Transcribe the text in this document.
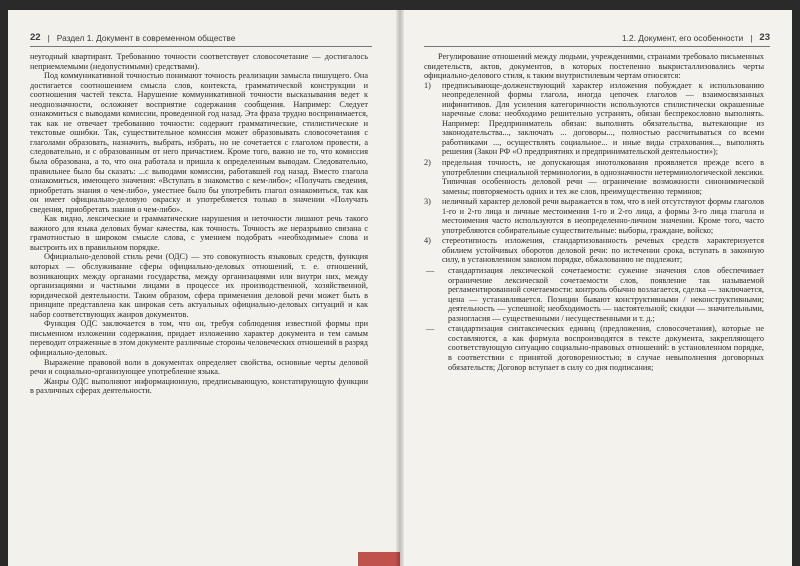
22 | Раздел 1. Документ в современном обществе

неугодный квартирант. Требованию точности соответствует словосочетание — достигалось неприемлемыми (недопустимыми) средствами).

Под коммуникативной точностью понимают точность реализации замысла пишущего. Она достигается соотношением смысла слов, контекста, грамматической конструкции и соотношения частей текста. Нарушение коммуникативной точности высказывания ведет к неоднозначности, осложняет восприятие содержания сообщения. Например: Следует ознакомиться с выводами комиссии, проведенной год назад. Эта фраза трудно воспринимается, так как не отвечает требованию точности: содержит грамматические, стилистические и текстовые ошибки. Так, существительное комиссия может образовывать словосочетания с глаголами образовать, назначить, выбрать, избрать, но не сочетается с глаголом провести, а следовательно, и с образованным от него причастием. Кроме того, важно не то, что комиссия была образована, а то, что она работала и пришла к определенным выводам. Следовательно, правильнее было бы сказать: ...с выводами комиссии, работавшей год назад. Вместо глагола ознакомиться, имеющего значения: «Вступать в знакомство с кем-либо»; «Получать сведения, приобретать знания о чем-либо», уместнее было бы употребить глагол ознакомиться, так как он имеет официально-деловую окраску и употребляется только в значении «Получать сведения, приобретать знания о чем-либо».

Как видно, лексические и грамматические нарушения и неточности лишают речь такого важного для языка деловых бумаг качества, как точность. Точность же неразрывно связана с грамотностью в широком смысле слова, с умением подобрать «необходимые» слова и выстроить их в правильном порядке.

Официально-деловой стиль речи (ОДС) — это совокупность языковых средств, функция которых — обслуживание сферы официально-деловых отношений, т. е. отношений, возникающих между органами государства, между организациями или внутри них, между организациями и частными лицами в процессе их производственной, хозяйственной, юридической деятельности. Таким образом, сфера применения деловой речи может быть в принципе представлена как широкая сеть актуальных официально-деловых ситуаций и как набор соответствующих жанров документов.

Функция ОДС заключается в том, что он, требуя соблюдения известной формы при письменном изложении содержания, придает изложению характер документа и тем самым переводит отраженные в этом документе различные стороны человеческих отношений в разряд официально-деловых.

Выражение правовой воли в документах определяет свойства, основные черты деловой речи и социально-организующее употребление языка.

Жанры ОДС выполняют информационную, предписывающую, констатирующую функции в различных сферах деятельности.

1.2. Документ, его особенности | 23

Регулирование отношений между людьми, учреждениями, странами требовало письменных свидетельств, актов, документов, в которых постепенно выкристаллизовались черты официально-делового стиля, к таким внутристилевым чертам относятся:

1)	предписывающе-долженствующий характер изложения побуждает к использованию неопределенной формы глагола, иногда цепочек глаголов — взаимосвязанных инфинитивов. Для усиления категоричности используются стилистически окрашенные наречные слова: необходимо решительно устранять, обязан беспрекословно выполнять. Например: Предприниматель обязан: выполнять обязательства, вытекающие из законодательства..., заключать ... договоры..., полностью рассчитываться со всеми работниками ..., осуществлять социальное... и иные виды страхования..., выполнять решения (Закон РФ «О предприятиях и предпринимательской деятельности»);
2)	предельная точность, не допускающая инотолкования проявляется прежде всего в употреблении специальной терминологии, в однозначности нетерминологической лексики. Типичная особенность деловой речи — ограничение возможности синонимической замены; повторяемость одних и тех же слов, преимущественно терминов;
3)	неличный характер деловой речи выражается в том, что в ней отсутствуют формы глаголов 1-го и 2-го лица и личные местоимения 1-го и 2-го лица, а формы 3-го лица глагола и местоимения часто используются в неопределенно-личном значении. Кроме того, часто употребляются собирательные существительные: выборы, граждане, войско;
4)	стереотипность изложения, стандартизованность речевых средств характеризуется обилием устойчивых оборотов деловой речи: по истечении срока, вступать в законную силу, в установленном законом порядке, обжалованию не подлежит;
—	стандартизация лексической сочетаемости: сужение значения слов обеспечивает ограничение лексической сочетаемости слов, появление так называемой регламентированной сочетаемости: контроль обычно возлагается, сделка — заключается, цена — устанавливается. Позиции бывают конструктивными / неконструктивными; деятельность — успешной; необходимость — настоятельной; скидки — значительными, разногласия — существенными / несущественными и т. д.;
—	стандартизация синтаксических единиц (предложения, словосочетания), которые не составляются, а как формула воспроизводятся в тексте документа, закрепляющего соответствующую ситуацию социально-правовых отношений: в установленном порядке, в соответствии с принятой договоренностью; в случае невыполнения договорных обязательств; Договор вступает в силу со дня подписания;
